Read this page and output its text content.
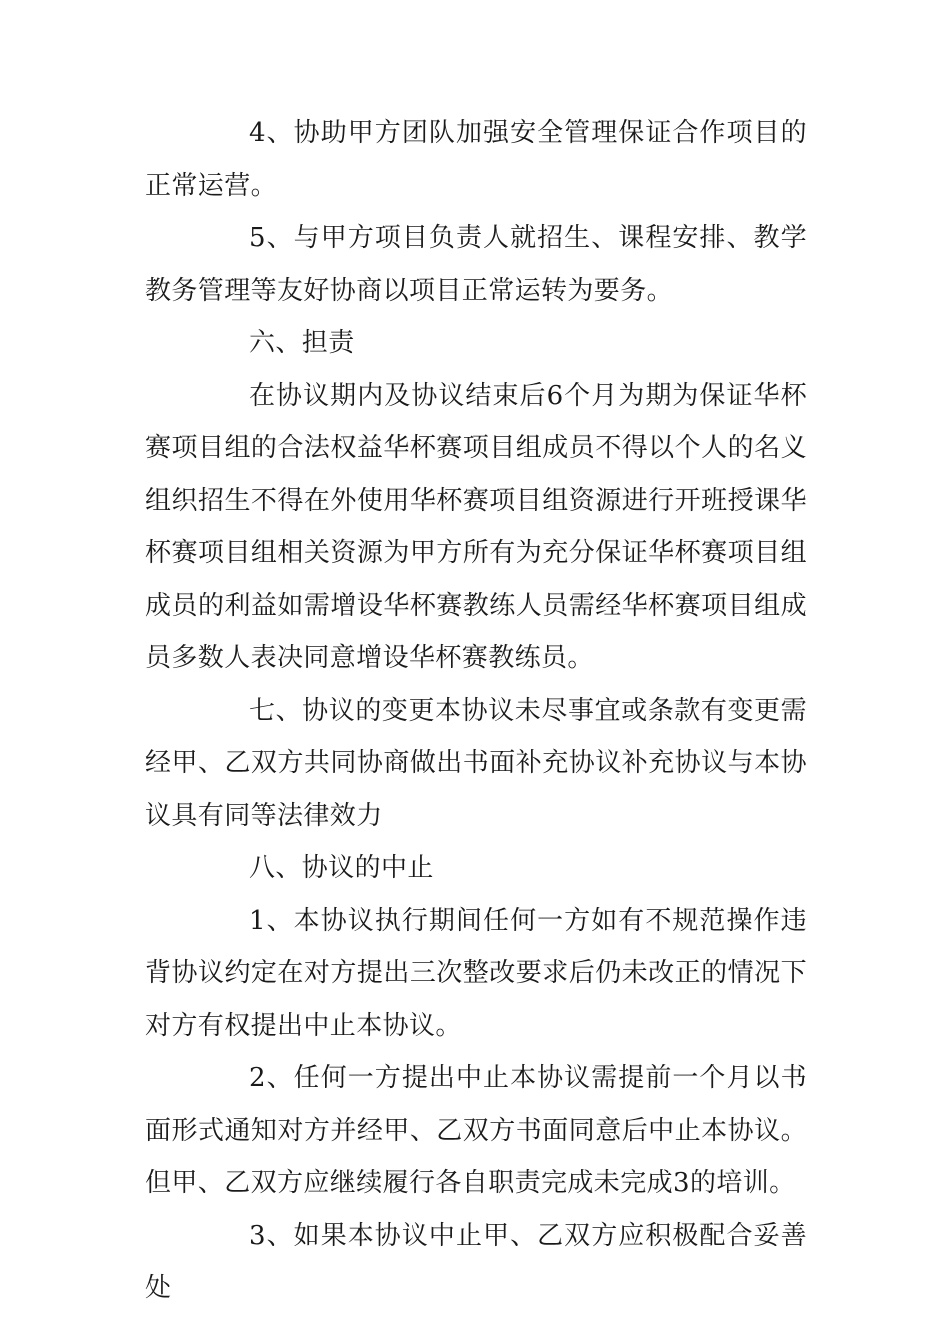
4、协助甲方团队加强安全管理保证合作项目的正常运营。

5、与甲方项目负责人就招生、课程安排、教学教务管理等友好协商以项目正常运转为要务。

六、担责

在协议期内及协议结束后6个月为期为保证华杯赛项目组的合法权益华杯赛项目组成员不得以个人的名义组织招生不得在外使用华杯赛项目组资源进行开班授课华杯赛项目组相关资源为甲方所有为充分保证华杯赛项目组成员的利益如需增设华杯赛教练人员需经华杯赛项目组成员多数人表决同意增设华杯赛教练员。

七、协议的变更本协议未尽事宜或条款有变更需经甲、乙双方共同协商做出书面补充协议补充协议与本协议具有同等法律效力

八、协议的中止

1、本协议执行期间任何一方如有不规范操作违背协议约定在对方提出三次整改要求后仍未改正的情况下对方有权提出中止本协议。

2、任何一方提出中止本协议需提前一个月以书面形式通知对方并经甲、乙双方书面同意后中止本协议。但甲、乙双方应继续履行各自职责完成未完成3的培训。

3、如果本协议中止甲、乙双方应积极配合妥善处
